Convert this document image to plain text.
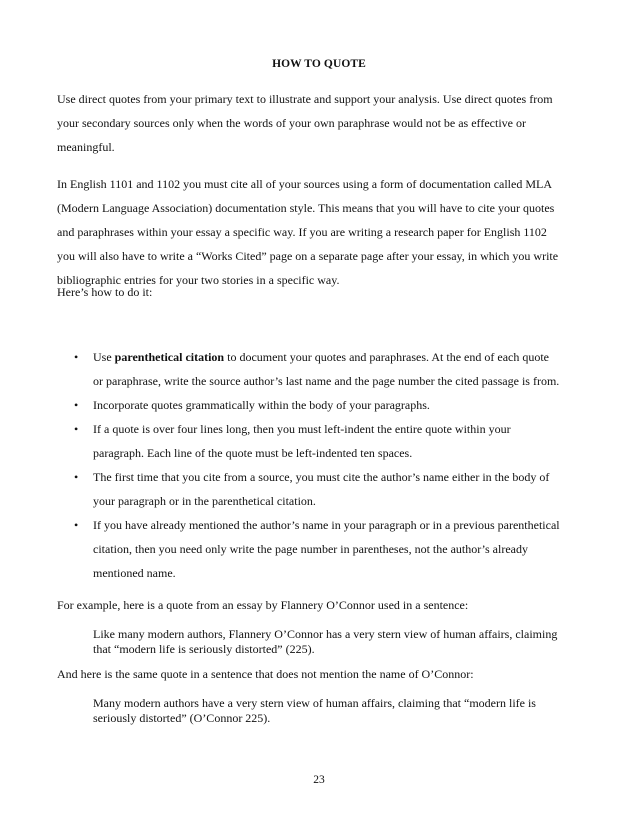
HOW TO QUOTE

Use direct quotes from your primary text to illustrate and support your analysis. Use direct quotes from
your secondary sources only when the words of your own paraphrase would not be as effective or
meaningful.

In English 1101 and 1102 you must cite all of your sources using a form of documentation called MLA
(Modern Language Association) documentation style. This means that you will have to cite your quotes
and paraphrases within your essay a specific way. If you are writing a research paper for English 1102
you will also have to write a “Works Cited” page on a separate page after your essay, in which you write
bibliographic entries for your two stories in a specific way.

Here’s how to do it:

• Use parenthetical citation to document your quotes and paraphrases. At the end of each quote
or paraphrase, write the source author’s last name and the page number the cited passage is from.
• Incorporate quotes grammatically within the body of your paragraphs.
• If a quote is over four lines long, then you must left-indent the entire quote within your
paragraph. Each line of the quote must be left-indented ten spaces.
• The first time that you cite from a source, you must cite the author’s name either in the body of
your paragraph or in the parenthetical citation.
• If you have already mentioned the author’s name in your paragraph or in a previous parenthetical
citation, then you need only write the page number in parentheses, not the author’s already
mentioned name.

For example, here is a quote from an essay by Flannery O’Connor used in a sentence:

Like many modern authors, Flannery O’Connor has a very stern view of human affairs, claiming
that “modern life is seriously distorted” (225).

And here is the same quote in a sentence that does not mention the name of O’Connor:

Many modern authors have a very stern view of human affairs, claiming that “modern life is
seriously distorted” (O’Connor 225).

23
